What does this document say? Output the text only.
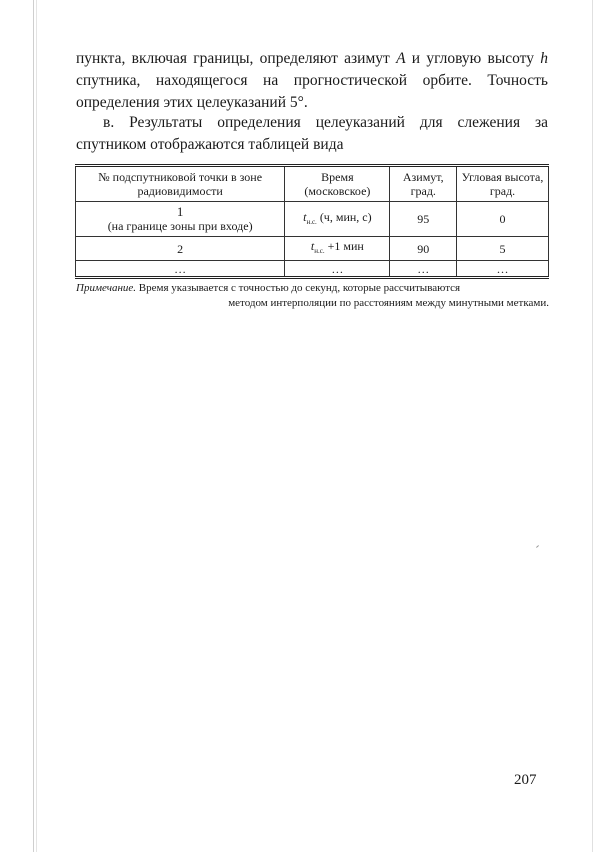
пункта, включая границы, определяют азимут A и угловую высоту h спутника, находящегося на прогностической орбите. Точность определения этих целеуказаний 5°.

в. Результаты определения целеуказаний для слежения за спутником отображаются таблицей вида

№ подспутниковой точки в зоне радиовидимости	Время (московское)	Азимут, град.	Угловая высота, град.

1
(на границе зоны при входе)	$t_{н.с.}$ (ч, мин, с)	95	0
2	$t_{н.с.} +1$ мин	90	5
…	…	…	…

Примечание. Время указывается с точностью до секунд, которые рассчитываются
методом интерполяции по расстояниям между минутными метками.

207
